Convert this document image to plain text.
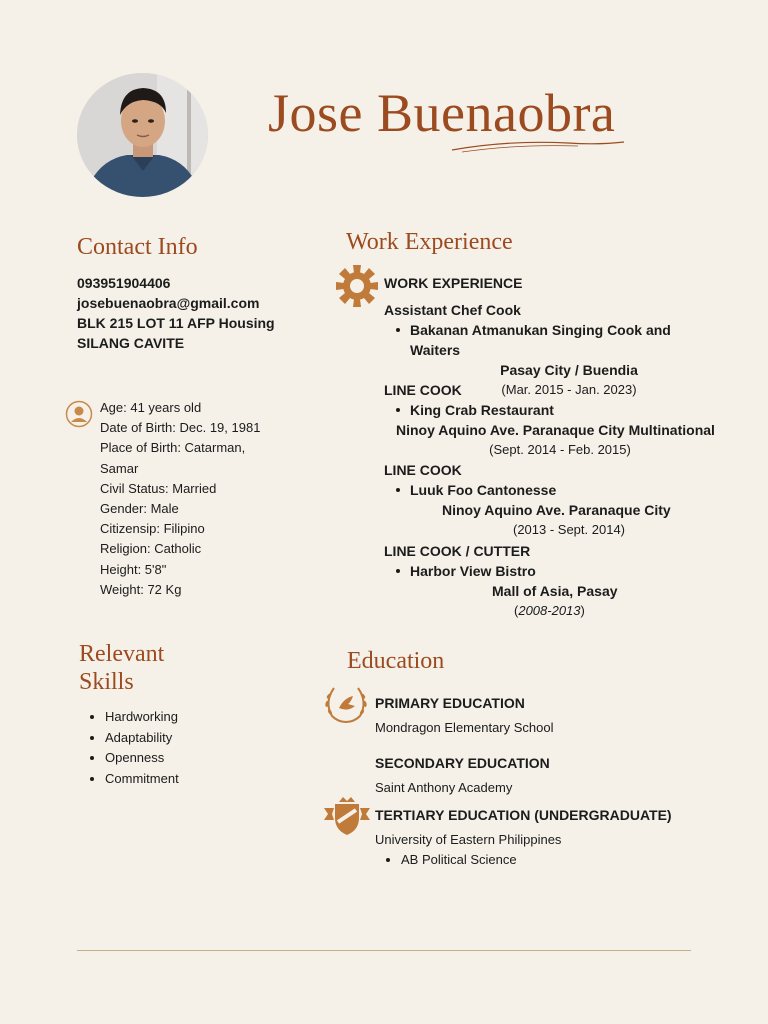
Jose Buenaobra
Contact Info
093951904406
josebuenaobra@gmail.com
BLK 215 LOT 11 AFP Housing
SILANG CAVITE
Age: 41 years old
Date of Birth: Dec. 19, 1981
Place of Birth: Catarman,
Samar
Civil Status: Married
Gender: Male
Citizensip: Filipino
Religion: Catholic
Height: 5'8"
Weight: 72 Kg
Relevant
Skills
• Hardworking
• Adaptability
• Openness
• Commitment
Work Experience
WORK EXPERIENCE
Assistant Chef Cook
Bakanan Atmanukan Singing Cook and Waiters
Pasay City / Buendia
(Mar. 2015 - Jan. 2023)
LINE COOK
King Crab Restaurant
Ninoy Aquino Ave. Paranaque City Multinational
(Sept. 2014 - Feb. 2015)
LINE COOK
Luuk Foo Cantonesse
Ninoy Aquino Ave. Paranaque City
(2013 - Sept. 2014)
LINE COOK / CUTTER
Harbor View Bistro
Mall of Asia, Pasay
(2008-2013)
Education
PRIMARY EDUCATION
Mondragon Elementary School
SECONDARY EDUCATION
Saint Anthony Academy
TERTIARY EDUCATION (UNDERGRADUATE)
University of Eastern Philippines
• AB Political Science
